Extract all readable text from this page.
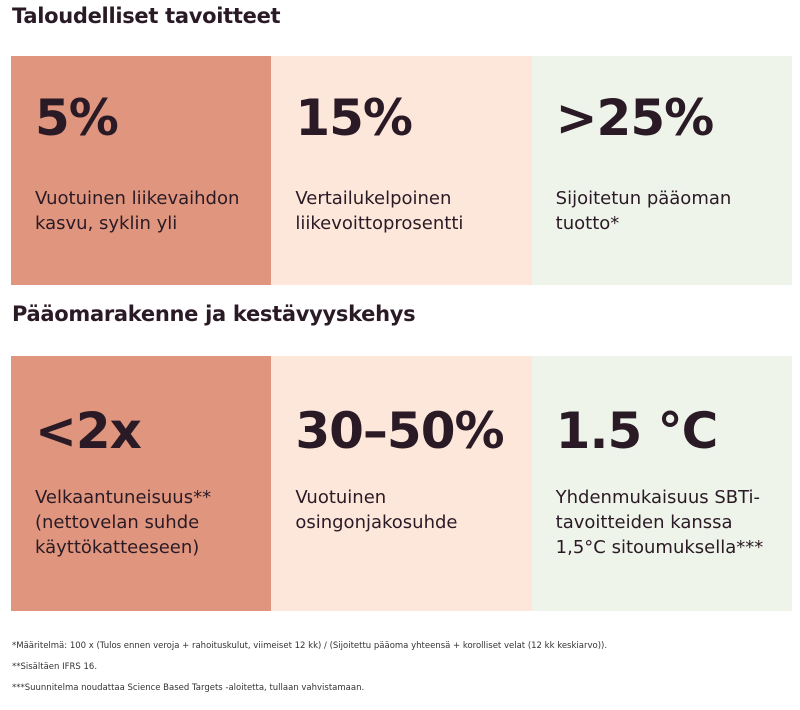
Taloudelliset tavoitteet
5%
Vuotuinen liikevaihdon kasvu, syklin yli
15%
Vertailukelpoinen liikevoittoprosentti
>25%
Sijoitetun pääoman tuotto*
Pääomarakenne ja kestävyyskehys
<2x
Velkaantuneisuus** (nettovelan suhde käyttökatteeseen)
30–50%
Vuotuinen osingonjakosuhde
1.5 °C
Yhdenmukaisuus SBTi-tavoitteiden kanssa 1,5°C sitoumuksella***
*Määritelmä: 100 x (Tulos ennen veroja + rahoituskulut, viimeiset 12 kk) / (Sijoitettu pääoma yhteensä + korolliset velat (12 kk keskiarvo)).
**Sisältäen IFRS 16.
***Suunnitelma noudattaa Science Based Targets -aloitetta, tullaan vahvistamaan.
